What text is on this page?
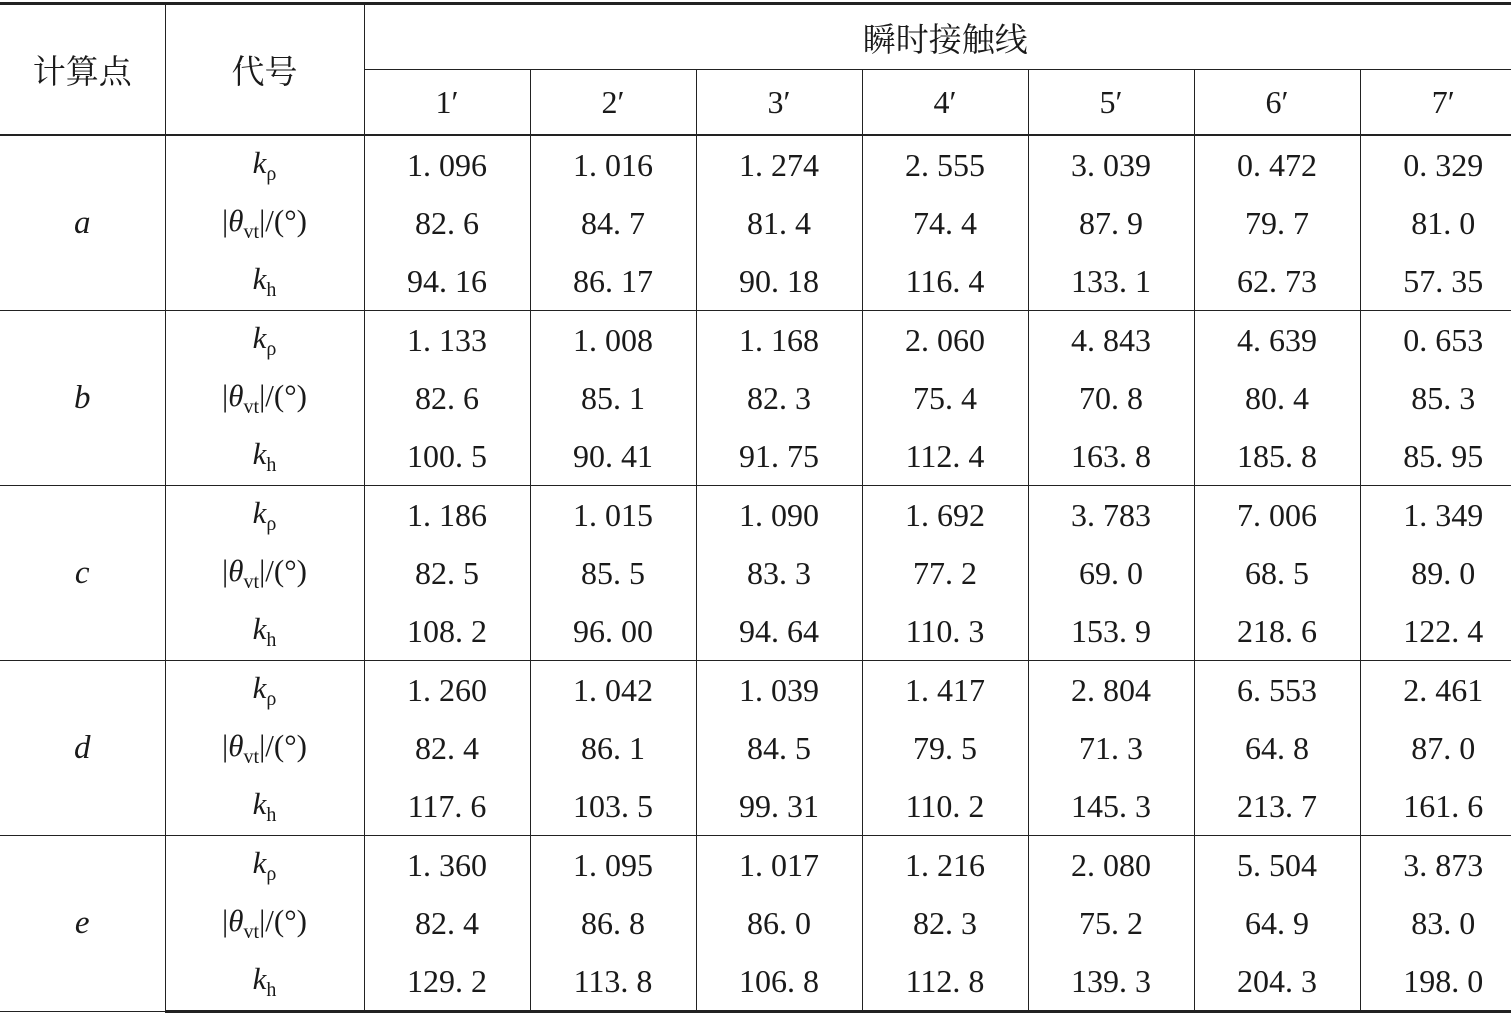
计算点	代号	瞬时接触线						
		1′	2′	3′	4′	5′	6′	7′
a	$k_\rho$	1. 096	1. 016	1. 274	2. 555	3. 039	0. 472	0. 329
	$|\theta_{vt}|/(^\circ)$	82. 6	84. 7	81. 4	74. 4	87. 9	79. 7	81. 0
	$k_h$	94. 16	86. 17	90. 18	116. 4	133. 1	62. 73	57. 35
b	$k_\rho$	1. 133	1. 008	1. 168	2. 060	4. 843	4. 639	0. 653
	$|\theta_{vt}|/(^\circ)$	82. 6	85. 1	82. 3	75. 4	70. 8	80. 4	85. 3
	$k_h$	100. 5	90. 41	91. 75	112. 4	163. 8	185. 8	85. 95
c	$k_\rho$	1. 186	1. 015	1. 090	1. 692	3. 783	7. 006	1. 349
	$|\theta_{vt}|/(^\circ)$	82. 5	85. 5	83. 3	77. 2	69. 0	68. 5	89. 0
	$k_h$	108. 2	96. 00	94. 64	110. 3	153. 9	218. 6	122. 4
d	$k_\rho$	1. 260	1. 042	1. 039	1. 417	2. 804	6. 553	2. 461
	$|\theta_{vt}|/(^\circ)$	82. 4	86. 1	84. 5	79. 5	71. 3	64. 8	87. 0
	$k_h$	117. 6	103. 5	99. 31	110. 2	145. 3	213. 7	161. 6
e	$k_\rho$	1. 360	1. 095	1. 017	1. 216	2. 080	5. 504	3. 873
	$|\theta_{vt}|/(^\circ)$	82. 4	86. 8	86. 0	82. 3	75. 2	64. 9	83. 0
	$k_h$	129. 2	113. 8	106. 8	112. 8	139. 3	204. 3	198. 0
